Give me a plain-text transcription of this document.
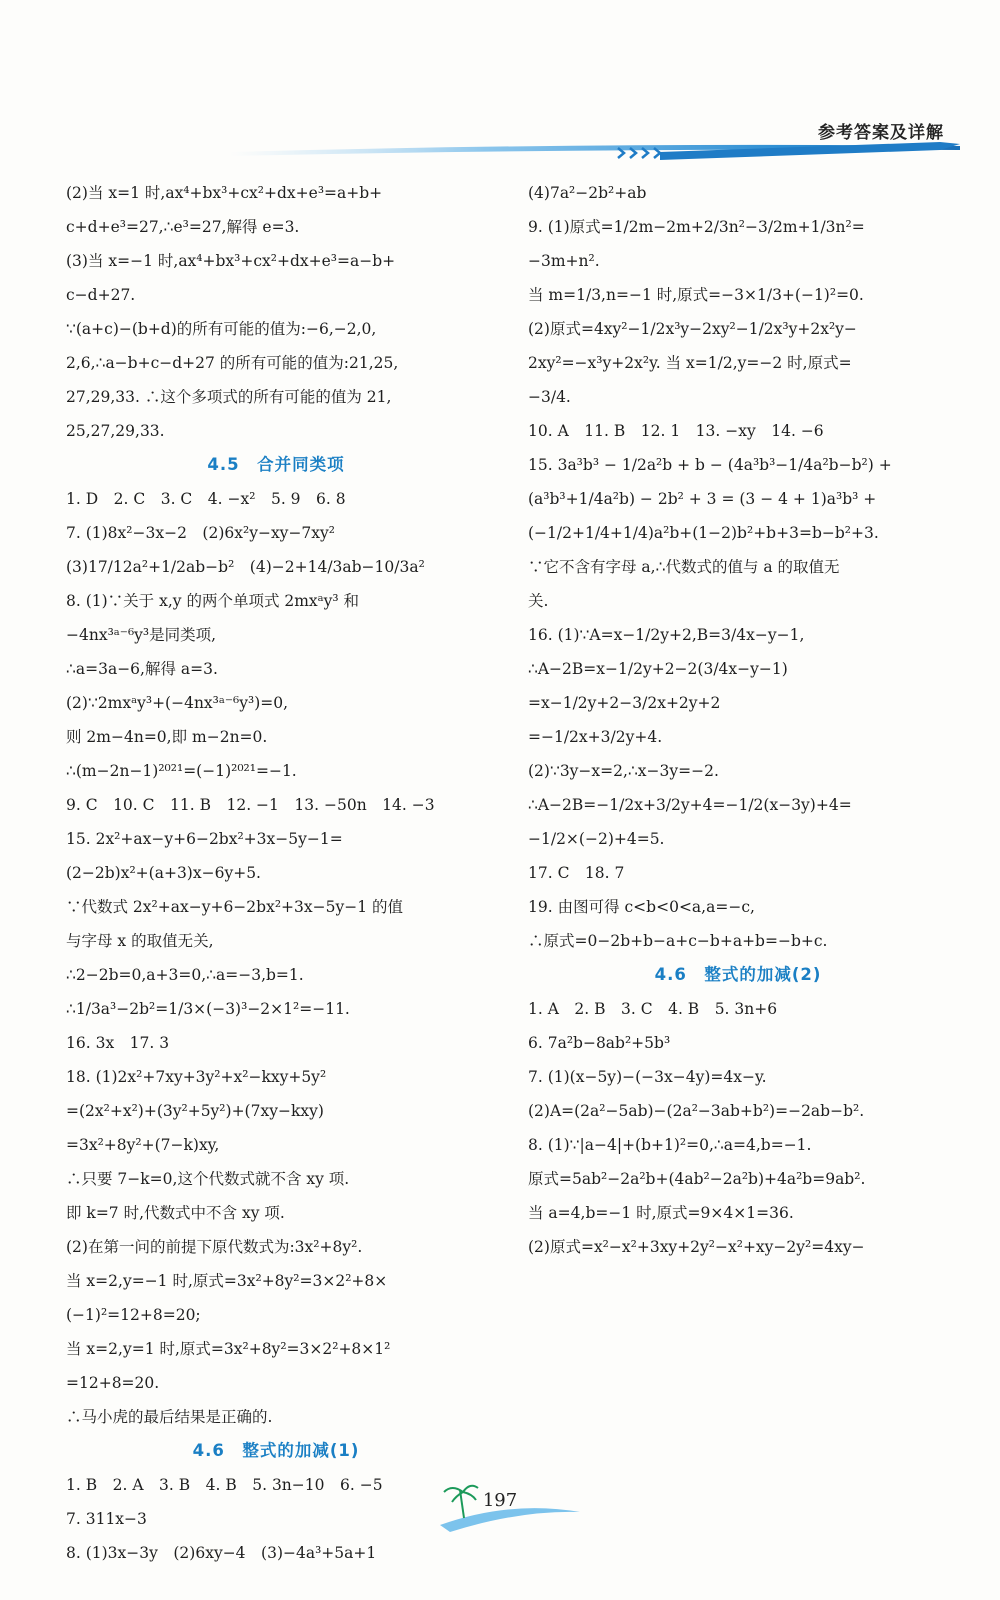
参考答案及详解
(2)当 x=1 时,ax⁴+bx³+cx²+dx+e³=a+b+
c+d+e³=27,∴e³=27,解得 e=3.
(3)当 x=−1 时,ax⁴+bx³+cx²+dx+e³=a−b+
c−d+27.
∵(a+c)−(b+d)的所有可能的值为:−6,−2,0,
2,6,∴a−b+c−d+27 的所有可能的值为:21,25,
27,29,33. ∴这个多项式的所有可能的值为 21,
25,27,29,33.
4.5　合并同类项
1. D　2. C　3. C　4. −x²　5. 9　6. 8
7. (1)8x²−3x−2　(2)6x²y−xy−7xy²
(3)17/12a²+1/2ab−b²　(4)−2+14/3ab−10/3a²
8. (1)∵关于 x,y 的两个单项式 2mxᵃy³ 和
−4nx³ᵃ⁻⁶y³是同类项,
∴a=3a−6,解得 a=3.
(2)∵2mxᵃy³+(−4nx³ᵃ⁻⁶y³)=0,
则 2m−4n=0,即 m−2n=0.
∴(m−2n−1)²⁰²¹=(−1)²⁰²¹=−1.
9. C　10. C　11. B　12. −1　13. −50n　14. −3
15. 2x²+ax−y+6−2bx²+3x−5y−1=
(2−2b)x²+(a+3)x−6y+5.
∵代数式 2x²+ax−y+6−2bx²+3x−5y−1 的值
与字母 x 的取值无关,
∴2−2b=0,a+3=0,∴a=−3,b=1.
∴1/3a³−2b²=1/3×(−3)³−2×1²=−11.
16. 3x　17. 3
18. (1)2x²+7xy+3y²+x²−kxy+5y²
=(2x²+x²)+(3y²+5y²)+(7xy−kxy)
=3x²+8y²+(7−k)xy,
∴只要 7−k=0,这个代数式就不含 xy 项.
即 k=7 时,代数式中不含 xy 项.
(2)在第一问的前提下原代数式为:3x²+8y².
当 x=2,y=−1 时,原式=3x²+8y²=3×2²+8×
(−1)²=12+8=20;
当 x=2,y=1 时,原式=3x²+8y²=3×2²+8×1²
=12+8=20.
∴马小虎的最后结果是正确的.
4.6　整式的加减(1)
1. B　2. A　3. B　4. B　5. 3n−10　6. −5
7. 311x−3
8. (1)3x−3y　(2)6xy−4　(3)−4a³+5a+1
(4)7a²−2b²+ab
9. (1)原式=1/2m−2m+2/3n²−3/2m+1/3n²=
−3m+n².
当 m=1/3,n=−1 时,原式=−3×1/3+(−1)²=0.
(2)原式=4xy²−1/2x³y−2xy²−1/2x³y+2x²y−
2xy²=−x³y+2x²y. 当 x=1/2,y=−2 时,原式=
−3/4.
10. A　11. B　12. 1　13. −xy　14. −6
15. 3a³b³ − 1/2a²b + b − (4a³b³−1/4a²b−b²) +
(a³b³+1/4a²b) − 2b² + 3 = (3 − 4 + 1)a³b³ +
(−1/2+1/4+1/4)a²b+(1−2)b²+b+3=b−b²+3.
∵它不含有字母 a,∴代数式的值与 a 的取值无
关.
16. (1)∵A=x−1/2y+2,B=3/4x−y−1,
∴A−2B=x−1/2y+2−2(3/4x−y−1)
=x−1/2y+2−3/2x+2y+2
=−1/2x+3/2y+4.
(2)∵3y−x=2,∴x−3y=−2.
∴A−2B=−1/2x+3/2y+4=−1/2(x−3y)+4=
−1/2×(−2)+4=5.
17. C　18. 7
19. 由图可得 c<b<0<a,a=−c,
∴原式=0−2b+b−a+c−b+a+b=−b+c.
4.6　整式的加减(2)
1. A　2. B　3. C　4. B　5. 3n+6
6. 7a²b−8ab²+5b³
7. (1)(x−5y)−(−3x−4y)=4x−y.
(2)A=(2a²−5ab)−(2a²−3ab+b²)=−2ab−b².
8. (1)∵|a−4|+(b+1)²=0,∴a=4,b=−1.
原式=5ab²−2a²b+(4ab²−2a²b)+4a²b=9ab².
当 a=4,b=−1 时,原式=9×4×1=36.
(2)原式=x²−x²+3xy+2y²−x²+xy−2y²=4xy−
197
